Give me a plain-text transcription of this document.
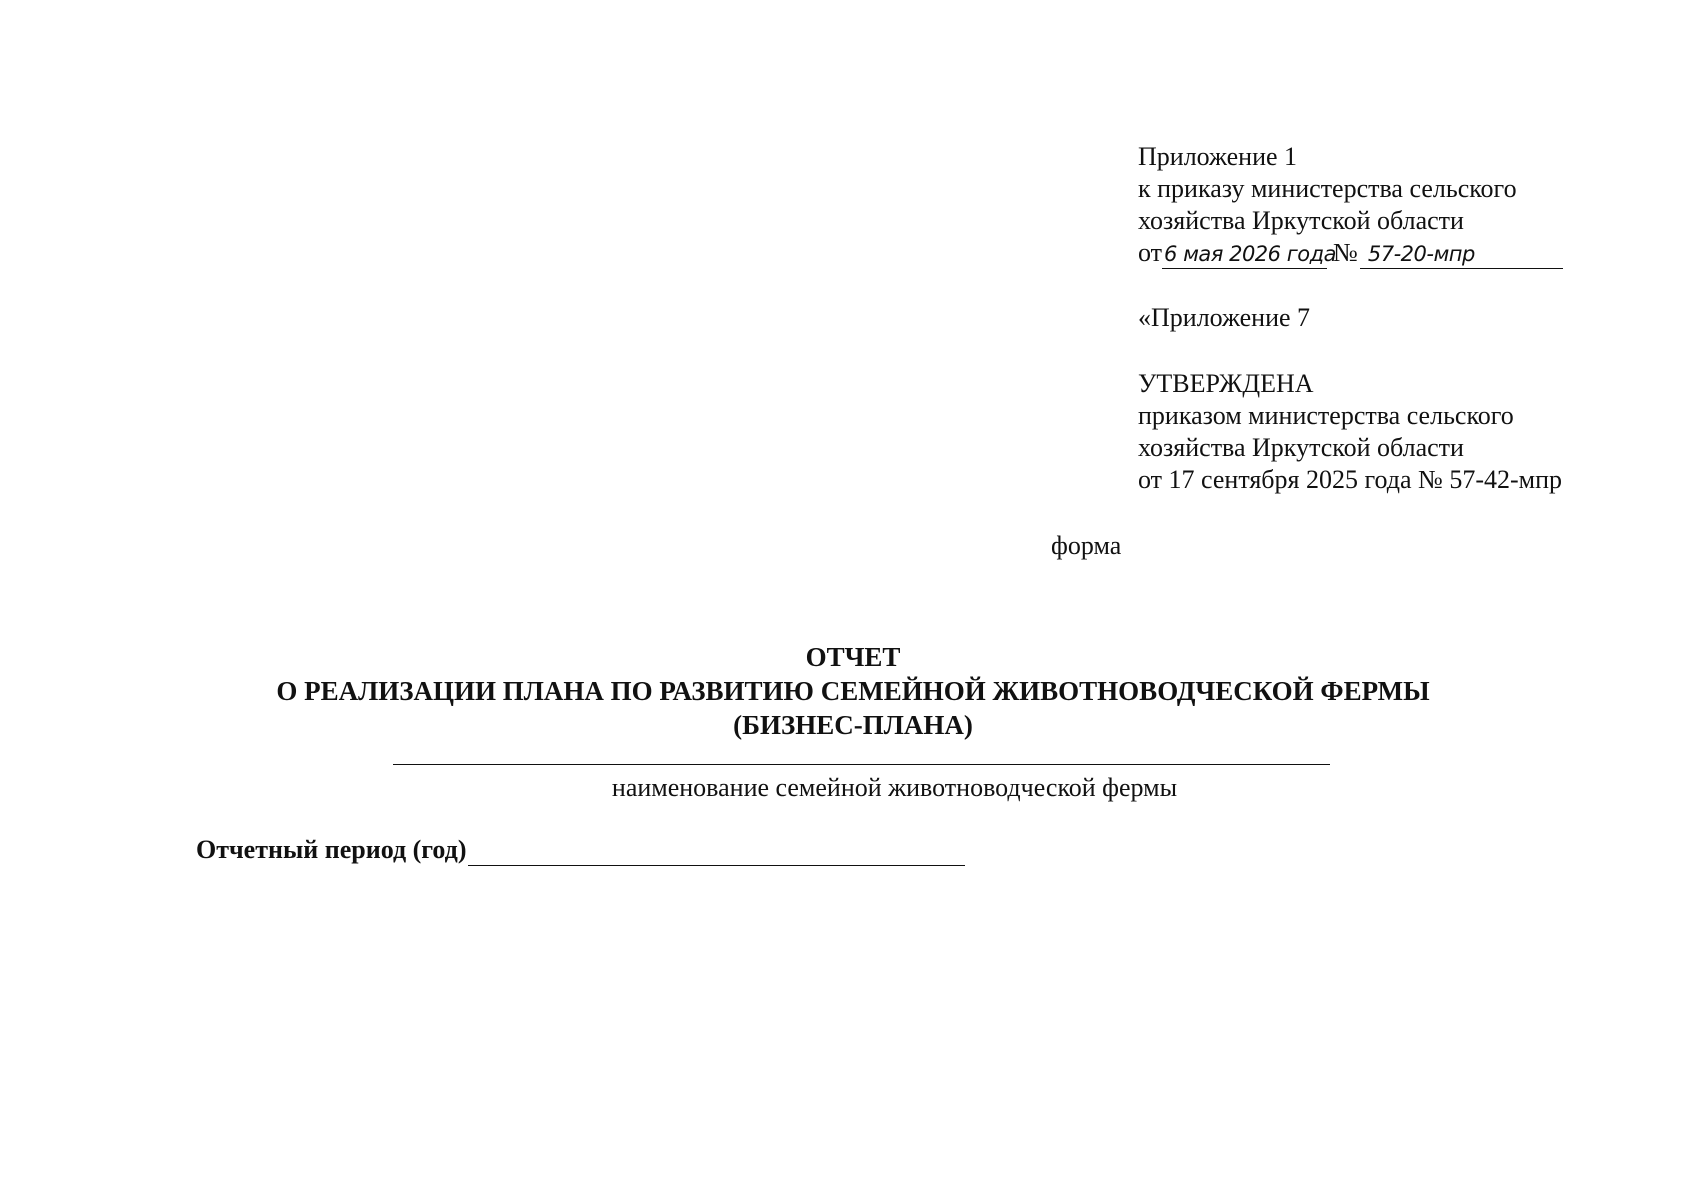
Приложение 1
к приказу министерства сельского
хозяйства Иркутской области
от 6 мая 2026 года
№ 57-20-мпр
«Приложение 7
УТВЕРЖДЕНА
приказом министерства сельского
хозяйства Иркутской области
от 17 сентября 2025 года № 57-42-мпр
форма
ОТЧЕТ
О РЕАЛИЗАЦИИ ПЛАНА ПО РАЗВИТИЮ СЕМЕЙНОЙ ЖИВОТНОВОДЧЕСКОЙ ФЕРМЫ
(БИЗНЕС-ПЛАНА)
наименование семейной животноводческой фермы
Отчетный период (год)
